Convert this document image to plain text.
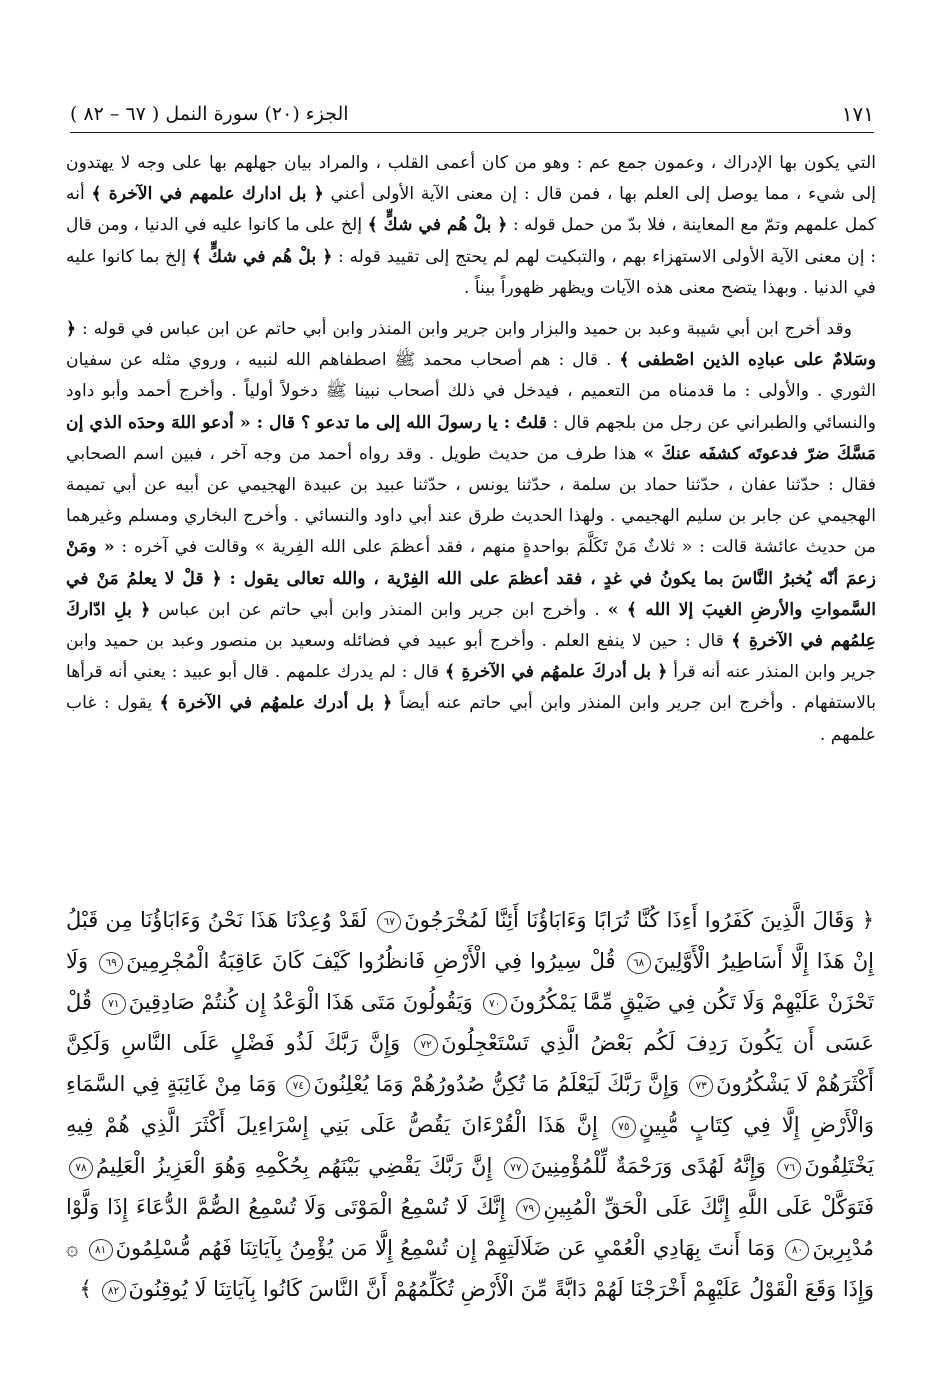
الجزء (٢٠) سورة النمل ( ٦٧ – ٨٢ )	١٧١

التي يكون بها الإدراك ، وعمون جمع عم : وهو من كان أعمى القلب ، والمراد بيان جهلهم بها على وجه لا يهتدون إلى شيء ، مما يوصل إلى العلم بها ، فمن قال : إن معنى الآية الأولى أعني ﴿ بل ادارك علمهم في الآخرة ﴾ أنه كمل علمهم وتمّ مع المعاينة ، فلا بدّ من حمل قوله : ﴿ بلْ هُم في شكٍّ ﴾ إلخ على ما كانوا عليه في الدنيا ، ومن قال : إن معنى الآية الأولى الاستهزاء بهم ، والتبكيت لهم لم يحتج إلى تقييد قوله : ﴿ بلْ هُم في شكٍّ ﴾ إلخ بما كانوا عليه في الدنيا . وبهذا يتضح معنى هذه الآيات ويظهر ظهوراً بيناً .

وقد أخرج ابن أبي شيبة وعبد بن حميد والبزار وابن جرير وابن المنذر وابن أبي حاتم عن ابن عباس في قوله : ﴿ وسَلامٌ على عبادِه الذين اصْطفى ﴾ . قال : هم أصحاب محمد ﷺ اصطفاهم الله لنبيه ، وروي مثله عن سفيان الثوري . والأولى : ما قدمناه من التعميم ، فيدخل في ذلك أصحاب نبينا ﷺ دخولاً أولياً . وأخرج أحمد وأبو داود والنسائي والطبراني عن رجل من بلجهم قال : قلتُ : يا رسولَ الله إلى ما تدعو ؟ قال : « أدعو اللهَ وحدَه الذي إن مَسَّكَ ضرّ فدعوتَه كشفَه عنكَ » هذا طرف من حديث طويل . وقد رواه أحمد من وجه آخر ، فبين اسم الصحابي فقال : حدّثنا عفان ، حدّثنا حماد بن سلمة ، حدّثنا يونس ، حدّثنا عبيد بن عبيدة الهجيمي عن أبيه عن أبي تميمة الهجيمي عن جابر بن سليم الهجيمي . ولهذا الحديث طرق عند أبي داود والنسائي . وأخرج البخاري ومسلم وغيرهما من حديث عائشة قالت : « ثلاثٌ مَنْ تَكَلَّمَ بواحدةٍ منهم ، فقد أعظمَ على الله الفِرية » وقالت في آخره : « ومَنْ زعمَ أنّه يُخبرُ النَّاسَ بما يكونُ في غدٍ ، فقد أعظمَ على الله الفِرْية ، والله تعالى يقول : ﴿ قلْ لا يعلمُ مَنْ في السَّمواتِ والأرضِ الغيبَ إلا الله ﴾ » . وأخرج ابن جرير وابن المنذر وابن أبي حاتم عن ابن عباس ﴿ بلِ ادّاركَ عِلمُهم في الآخرةِ ﴾ قال : حين لا ينفع العلم . وأخرج أبو عبيد في فضائله وسعيد بن منصور وعبد بن حميد وابن جرير وابن المنذر عنه أنه قرأ ﴿ بل أدركَ علمهُم في الآخرةِ ﴾ قال : لم يدرك علمهم . قال أبو عبيد : يعني أنه قرأها بالاستفهام . وأخرج ابن جرير وابن المنذر وابن أبي حاتم عنه أيضاً ﴿ بل أدرك علمهُم في الآخرة ﴾ يقول : غاب علمهم .

﴿ وَقَالَ الَّذِينَ كَفَرُوا أَءِذَا كُنَّا تُرَابًا وَءَابَاؤُنَا أَئِنَّا لَمُخْرَجُونَ٦٧ لَقَدْ وُعِدْنَا هَذَا نَحْنُ وَءَابَاؤُنَا مِن قَبْلُ إِنْ هَذَا إِلَّا أَسَاطِيرُ الْأَوَّلِينَ٦٨ قُلْ سِيرُوا فِي الْأَرْضِ فَانظُرُوا كَيْفَ كَانَ عَاقِبَةُ الْمُجْرِمِينَ٦٩ وَلَا تَحْزَنْ عَلَيْهِمْ وَلَا تَكُن فِي ضَيْقٍ مِّمَّا يَمْكُرُونَ٧٠ وَيَقُولُونَ مَتَى هَذَا الْوَعْدُ إِن كُنتُمْ صَادِقِينَ٧١ قُلْ عَسَى أَن يَكُونَ رَدِفَ لَكُم بَعْضُ الَّذِي تَسْتَعْجِلُونَ٧٢ وَإِنَّ رَبَّكَ لَذُو فَضْلٍ عَلَى النَّاسِ وَلَكِنَّ أَكْثَرَهُمْ لَا يَشْكُرُونَ٧٣ وَإِنَّ رَبَّكَ لَيَعْلَمُ مَا تُكِنُّ صُدُورُهُمْ وَمَا يُعْلِنُونَ٧٤ وَمَا مِنْ غَائِبَةٍ فِي السَّمَاءِ وَالْأَرْضِ إِلَّا فِي كِتَابٍ مُّبِينٍ٧٥ إِنَّ هَذَا الْقُرْءَانَ يَقُصُّ عَلَى بَنِي إِسْرَاءِيلَ أَكْثَرَ الَّذِي هُمْ فِيهِ يَخْتَلِفُونَ٧٦ وَإِنَّهُ لَهُدًى وَرَحْمَةٌ لِّلْمُؤْمِنِينَ٧٧ إِنَّ رَبَّكَ يَقْضِي بَيْنَهُم بِحُكْمِهِ وَهُوَ الْعَزِيزُ الْعَلِيمُ٧٨ فَتَوَكَّلْ عَلَى اللَّهِ إِنَّكَ عَلَى الْحَقِّ الْمُبِينِ٧٩ إِنَّكَ لَا تُسْمِعُ الْمَوْتَى وَلَا تُسْمِعُ الصُّمَّ الدُّعَاءَ إِذَا وَلَّوْا مُدْبِرِينَ٨٠ وَمَا أَنتَ بِهَادِي الْعُمْيِ عَن ضَلَالَتِهِمْ إِن تُسْمِعُ إِلَّا مَن يُؤْمِنُ بِآيَاتِنَا فَهُم مُّسْلِمُونَ٨١ ۞ وَإِذَا وَقَعَ الْقَوْلُ عَلَيْهِمْ أَخْرَجْنَا لَهُمْ دَابَّةً مِّنَ الْأَرْضِ تُكَلِّمُهُمْ أَنَّ النَّاسَ كَانُوا بِآيَاتِنَا لَا يُوقِنُونَ٨٢ ﴾
